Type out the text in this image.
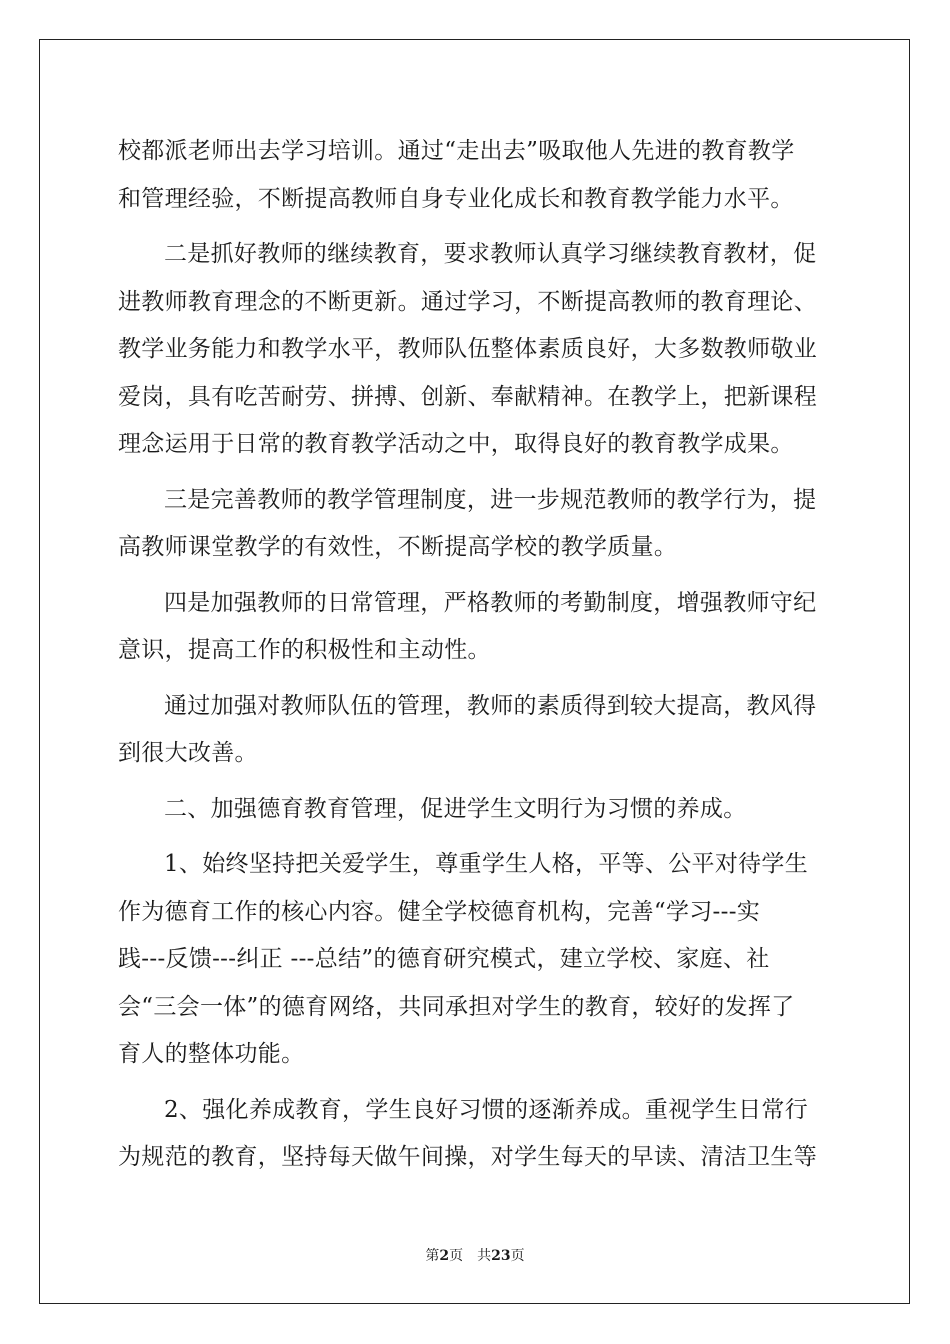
校都派老师出去学习培训。通过“走出去”吸取他人先进的教育教学
和管理经验，不断提高教师自身专业化成长和教育教学能力水平。
二是抓好教师的继续教育，要求教师认真学习继续教育教材，促
进教师教育理念的不断更新。通过学习，不断提高教师的教育理论、
教学业务能力和教学水平，教师队伍整体素质良好，大多数教师敬业
爱岗，具有吃苦耐劳、拼搏、创新、奉献精神。在教学上，把新课程
理念运用于日常的教育教学活动之中，取得良好的教育教学成果。
三是完善教师的教学管理制度，进一步规范教师的教学行为，提
高教师课堂教学的有效性，不断提高学校的教学质量。
四是加强教师的日常管理，严格教师的考勤制度，增强教师守纪
意识，提高工作的积极性和主动性。
通过加强对教师队伍的管理，教师的素质得到较大提高，教风得
到很大改善。
二、加强德育教育管理，促进学生文明行为习惯的养成。
1、始终坚持把关爱学生，尊重学生人格，平等、公平对待学生
作为德育工作的核心内容。健全学校德育机构，完善“学习---实
践---反馈---纠正 ---总结”的德育研究模式，建立学校、家庭、社
会“三会一体”的德育网络，共同承担对学生的教育，较好的发挥了
育人的整体功能。
2、强化养成教育，学生良好习惯的逐渐养成。重视学生日常行
为规范的教育，坚持每天做午间操，对学生每天的早读、清洁卫生等
第2页 共23页
